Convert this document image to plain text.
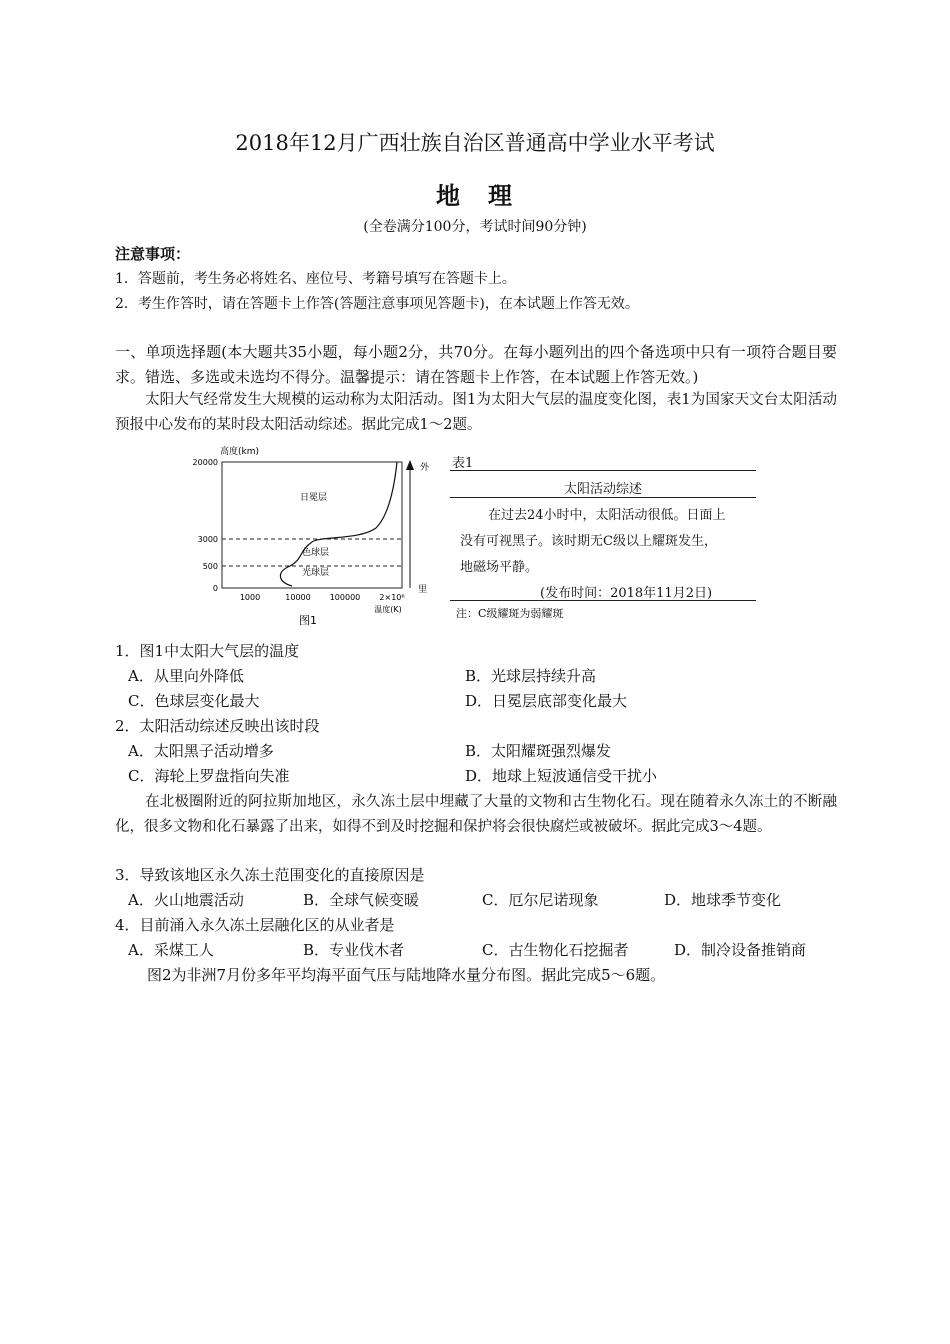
2018年12月广西壮族自治区普通高中学业水平考试
地　理
(全卷满分100分，考试时间90分钟)
注意事项：
1．答题前，考生务必将姓名、座位号、考籍号填写在答题卡上。
2．考生作答时，请在答题卡上作答(答题注意事项见答题卡)，在本试题上作答无效。
一、单项选择题(本大题共35小题，每小题2分，共70分。在每小题列出的四个备选项中只有一项符合题目要求。错选、多选或未选均不得分。温馨提示：请在答题卡上作答，在本试题上作答无效。)
太阳大气经常发生大规模的运动称为太阳活动。图1为太阳大气层的温度变化图，表1为国家天文台太阳活动预报中心发布的某时段太阳活动综述。据此完成1～2题。
高度(km)
20000
3000
500
0
1000	10000 100000 2×10⁶
温度(K)
日冕层
色球层
光球层
外
里
图1
表1
太阳活动综述
在过去24小时中，太阳活动很低。日面上
没有可视黑子。该时期无C级以上耀斑发生，
地磁场平静。
(发布时间：2018年11月2日)
注：C级耀斑为弱耀斑
1．图1中太阳大气层的温度
A．从里向外降低	B．光球层持续升高
C．色球层变化最大	D．日冕层底部变化最大
2．太阳活动综述反映出该时段
A．太阳黑子活动增多	B．太阳耀斑强烈爆发
C．海轮上罗盘指向失准	D．地球上短波通信受干扰小
在北极圈附近的阿拉斯加地区，永久冻土层中埋藏了大量的文物和古生物化石。现在随着永久冻土的不断融化，很多文物和化石暴露了出来，如得不到及时挖掘和保护将会很快腐烂或被破坏。据此完成3～4题。
3．导致该地区永久冻土范围变化的直接原因是
A．火山地震活动	B．全球气候变暖	C．厄尔尼诺现象	D．地球季节变化
4．目前涌入永久冻土层融化区的从业者是
A．采煤工人	B．专业伐木者	C．古生物化石挖掘者	D．制冷设备推销商
图2为非洲7月份多年平均海平面气压与陆地降水量分布图。据此完成5～6题。
